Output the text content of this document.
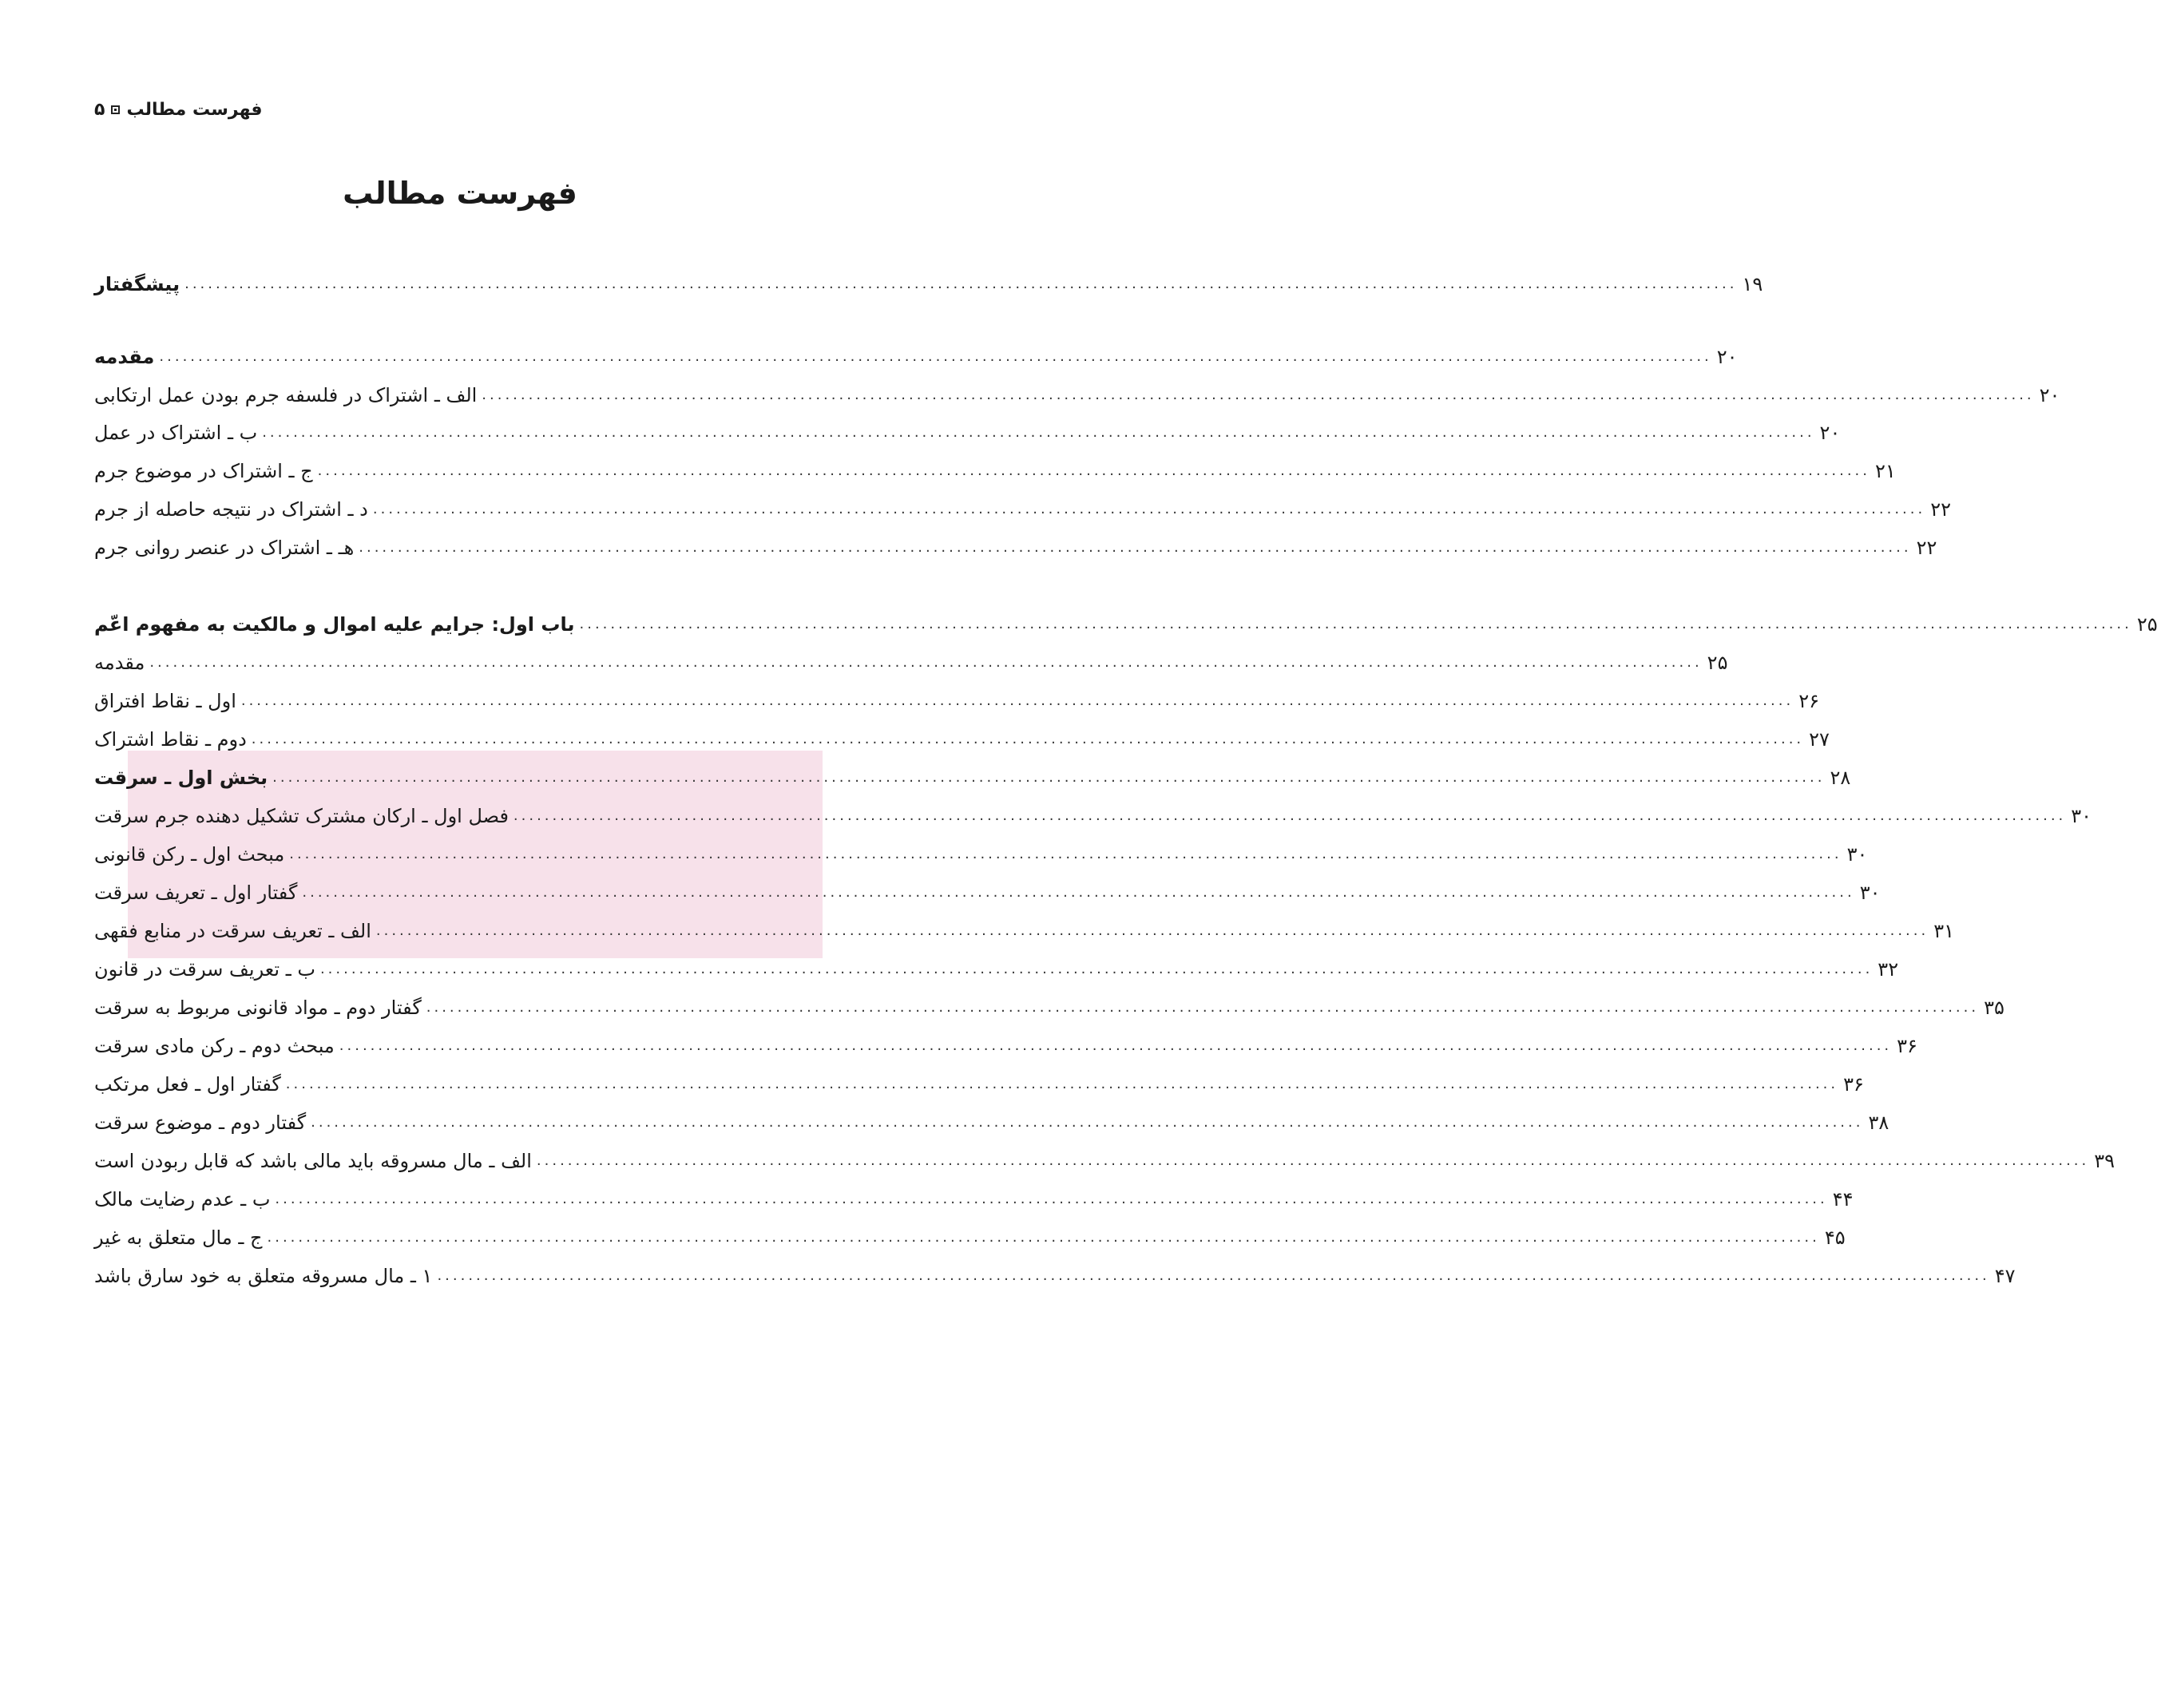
فهرست مطالب
۵
فهرست مطالب
پیشگفتار ........................................................................................................................................................................................................ ۱۹
مقدمه ........................................................................................................................................................................................................ ۲۰
الف ـ اشتراک در فلسفه جرم بودن عمل ارتکابی ........................................................................................................................................................................................................ ۲۰
ب ـ اشتراک در عمل ........................................................................................................................................................................................................ ۲۰
ج ـ اشتراک در موضوع جرم ........................................................................................................................................................................................................ ۲۱
د ـ اشتراک در نتیجه حاصله از جرم ........................................................................................................................................................................................................ ۲۲
هـ ـ اشتراک در عنصر روانی جرم ........................................................................................................................................................................................................ ۲۲
باب اول: جرایم علیه اموال و مالکیت به مفهوم اعّم ........................................................................................................................................................................................................ ۲۵
مقدمه ........................................................................................................................................................................................................ ۲۵
اول ـ نقاط افتراق ........................................................................................................................................................................................................ ۲۶
دوم ـ نقاط اشتراک ........................................................................................................................................................................................................ ۲۷
بخش اول ـ سرقت ........................................................................................................................................................................................................ ۲۸
فصل اول ـ ارکان مشترک تشکیل دهنده جرم سرقت ........................................................................................................................................................................................................ ۳۰
مبحث اول ـ رکن قانونی ........................................................................................................................................................................................................ ۳۰
گفتار اول ـ تعریف سرقت ........................................................................................................................................................................................................ ۳۰
الف ـ تعریف سرقت در منابع فقهی ........................................................................................................................................................................................................ ۳۱
ب ـ تعریف سرقت در قانون ........................................................................................................................................................................................................ ۳۲
گفتار دوم ـ مواد قانونی مربوط به سرقت ........................................................................................................................................................................................................ ۳۵
مبحث دوم ـ رکن مادی سرقت ........................................................................................................................................................................................................ ۳۶
گفتار اول ـ فعل مرتکب ........................................................................................................................................................................................................ ۳۶
گفتار دوم ـ موضوع سرقت ........................................................................................................................................................................................................ ۳۸
الف ـ مال مسروقه باید مالی باشد که قابل ربودن است ........................................................................................................................................................................................................ ۳۹
ب ـ عدم رضایت مالک ........................................................................................................................................................................................................ ۴۴
ج ـ مال متعلق به غیر ........................................................................................................................................................................................................ ۴۵
۱ ـ مال مسروقه متعلق به خود سارق باشد ........................................................................................................................................................................................................ ۴۷
